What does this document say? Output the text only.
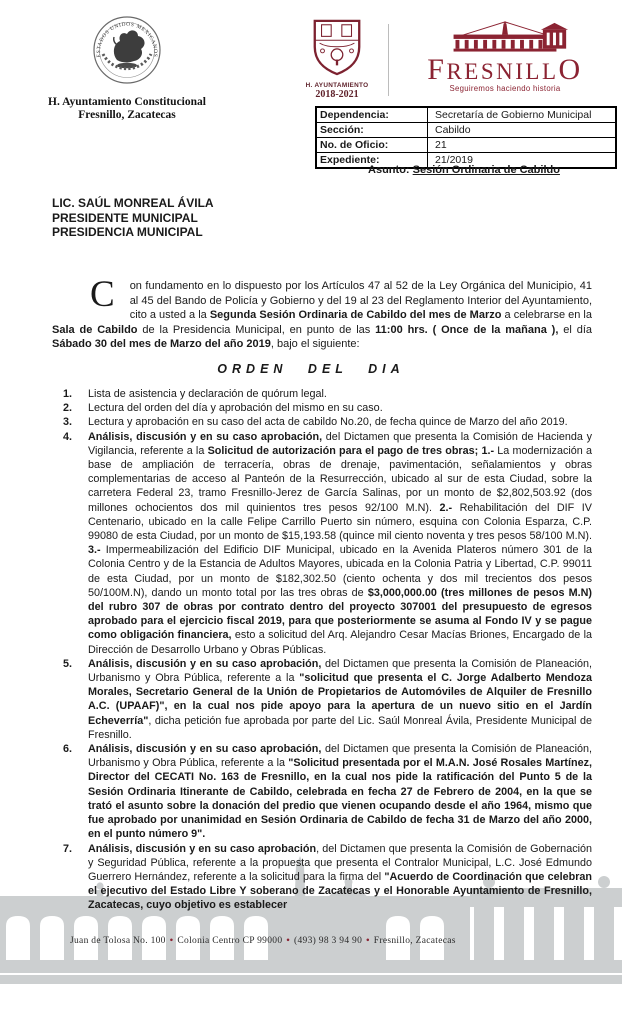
ESTADOS UNIDOS MEXICANOS
H. Ayuntamiento Constitucional
Fresnillo, Zacatecas
H. AYUNTAMIENTO
2018-2021
FRESNILLO
Seguiremos haciendo historia
Dependencia:	Secretaría de Gobierno Municipal
Sección:	Cabildo
No. de Oficio:	21
Expediente:	21/2019
Asunto: Sesión Ordinaria de Cabildo
LIC. SAÚL MONREAL ÁVILA
PRESIDENTE MUNICIPAL
PRESIDENCIA MUNICIPAL
C on fundamento en lo dispuesto por los Artículos 47 al 52 de la Ley Orgánica del Municipio, 41 al 45 del Bando de Policía y Gobierno y del 19 al 23 del Reglamento Interior del Ayuntamiento, cito a usted a la Segunda Sesión Ordinaria de Cabildo del mes de Marzo a celebrarse en la Sala de Cabildo de la Presidencia Municipal, en punto de las 11:00 hrs. ( Once de la mañana ), el día Sábado 30 del mes de Marzo del año 2019, bajo el siguiente:
ORDEN DEL DIA
1. Lista de asistencia y declaración de quórum legal.
2. Lectura del orden del día y aprobación del mismo en su caso.
3. Lectura y aprobación en su caso del acta de cabildo No.20, de fecha quince de Marzo del año 2019.
4. Análisis, discusión y en su caso aprobación, del Dictamen que presenta la Comisión de Hacienda y Vigilancia, referente a la Solicitud de autorización para el pago de tres obras; 1.- La modernización a base de ampliación de terracería, obras de drenaje, pavimentación, señalamientos y obras complementarias de acceso al Panteón de la Resurrección, ubicado al sur de esta Ciudad, sobre la carretera Federal 23, tramo Fresnillo-Jerez de García Salinas, por un monto de $2,802,503.92 (dos millones ochocientos dos mil quinientos tres pesos 92/100 M.N). 2.- Rehabilitación del DIF IV Centenario, ubicado en la calle Felipe Carrillo Puerto sin número, esquina con Colonia Esparza, C.P. 99080 de esta Ciudad, por un monto de $15,193.58 (quince mil ciento noventa y tres pesos 58/100 M.N). 3.- Impermeabilización del Edificio DIF Municipal, ubicado en la Avenida Plateros número 301 de la Colonia Centro y de la Estancia de Adultos Mayores, ubicada en la Colonia Patria y Libertad, C.P. 99011 de esta Ciudad, por un monto de $182,302.50 (ciento ochenta y dos mil trecientos dos pesos 50/100M.N), dando un monto total por las tres obras de $3,000,000.00 (tres millones de pesos M.N) del rubro 307 de obras por contrato dentro del proyecto 307001 del presupuesto de egresos aprobado para el ejercicio fiscal 2019, para que posteriormente se asuma al Fondo IV y se pague como obligación financiera, esto a solicitud del Arq. Alejandro Cesar Macías Briones, Encargado de la Dirección de Desarrollo Urbano y Obras Públicas.
5. Análisis, discusión y en su caso aprobación, del Dictamen que presenta la Comisión de Planeación, Urbanismo y Obra Pública, referente a la "solicitud que presenta el C. Jorge Adalberto Mendoza Morales, Secretario General de la Unión de Propietarios de Automóviles de Alquiler de Fresnillo A.C. (UPAAF)", en la cual nos pide apoyo para la apertura de un nuevo sitio en el Jardín Echeverría", dicha petición fue aprobada por parte del Lic. Saúl Monreal Ávila, Presidente Municipal de Fresnillo.
6. Análisis, discusión y en su caso aprobación, del Dictamen que presenta la Comisión de Planeación, Urbanismo y Obra Pública, referente a la "Solicitud presentada por el M.A.N. José Rosales Martínez, Director del CECATI No. 163 de Fresnillo, en la cual nos pide la ratificación del Punto 5 de la Sesión Ordinaria Itinerante de Cabildo, celebrada en fecha 27 de Febrero de 2004, en la que se trató el asunto sobre la donación del predio que vienen ocupando desde el año 1964, mismo que fue aprobado por unanimidad en Sesión Ordinaria de Cabildo de fecha 31 de Marzo del año 2000, en el punto número 9".
7. Análisis, discusión y en su caso aprobación, del Dictamen que presenta la Comisión de Gobernación y Seguridad Pública, referente a la propuesta que presenta el Contralor Municipal, L.C. José Edmundo Guerrero Hernández, referente a la solicitud para la firma del "Acuerdo de Coordinación que celebran el ejecutivo del Estado Libre Y soberano de Zacatecas y el Honorable Ayuntamiento de Fresnillo, Zacatecas, cuyo objetivo es establecer
Juan de Tolosa No. 100 • Colonia Centro CP 99000 • (493) 98 3 94 90 • Fresnillo, Zacatecas
